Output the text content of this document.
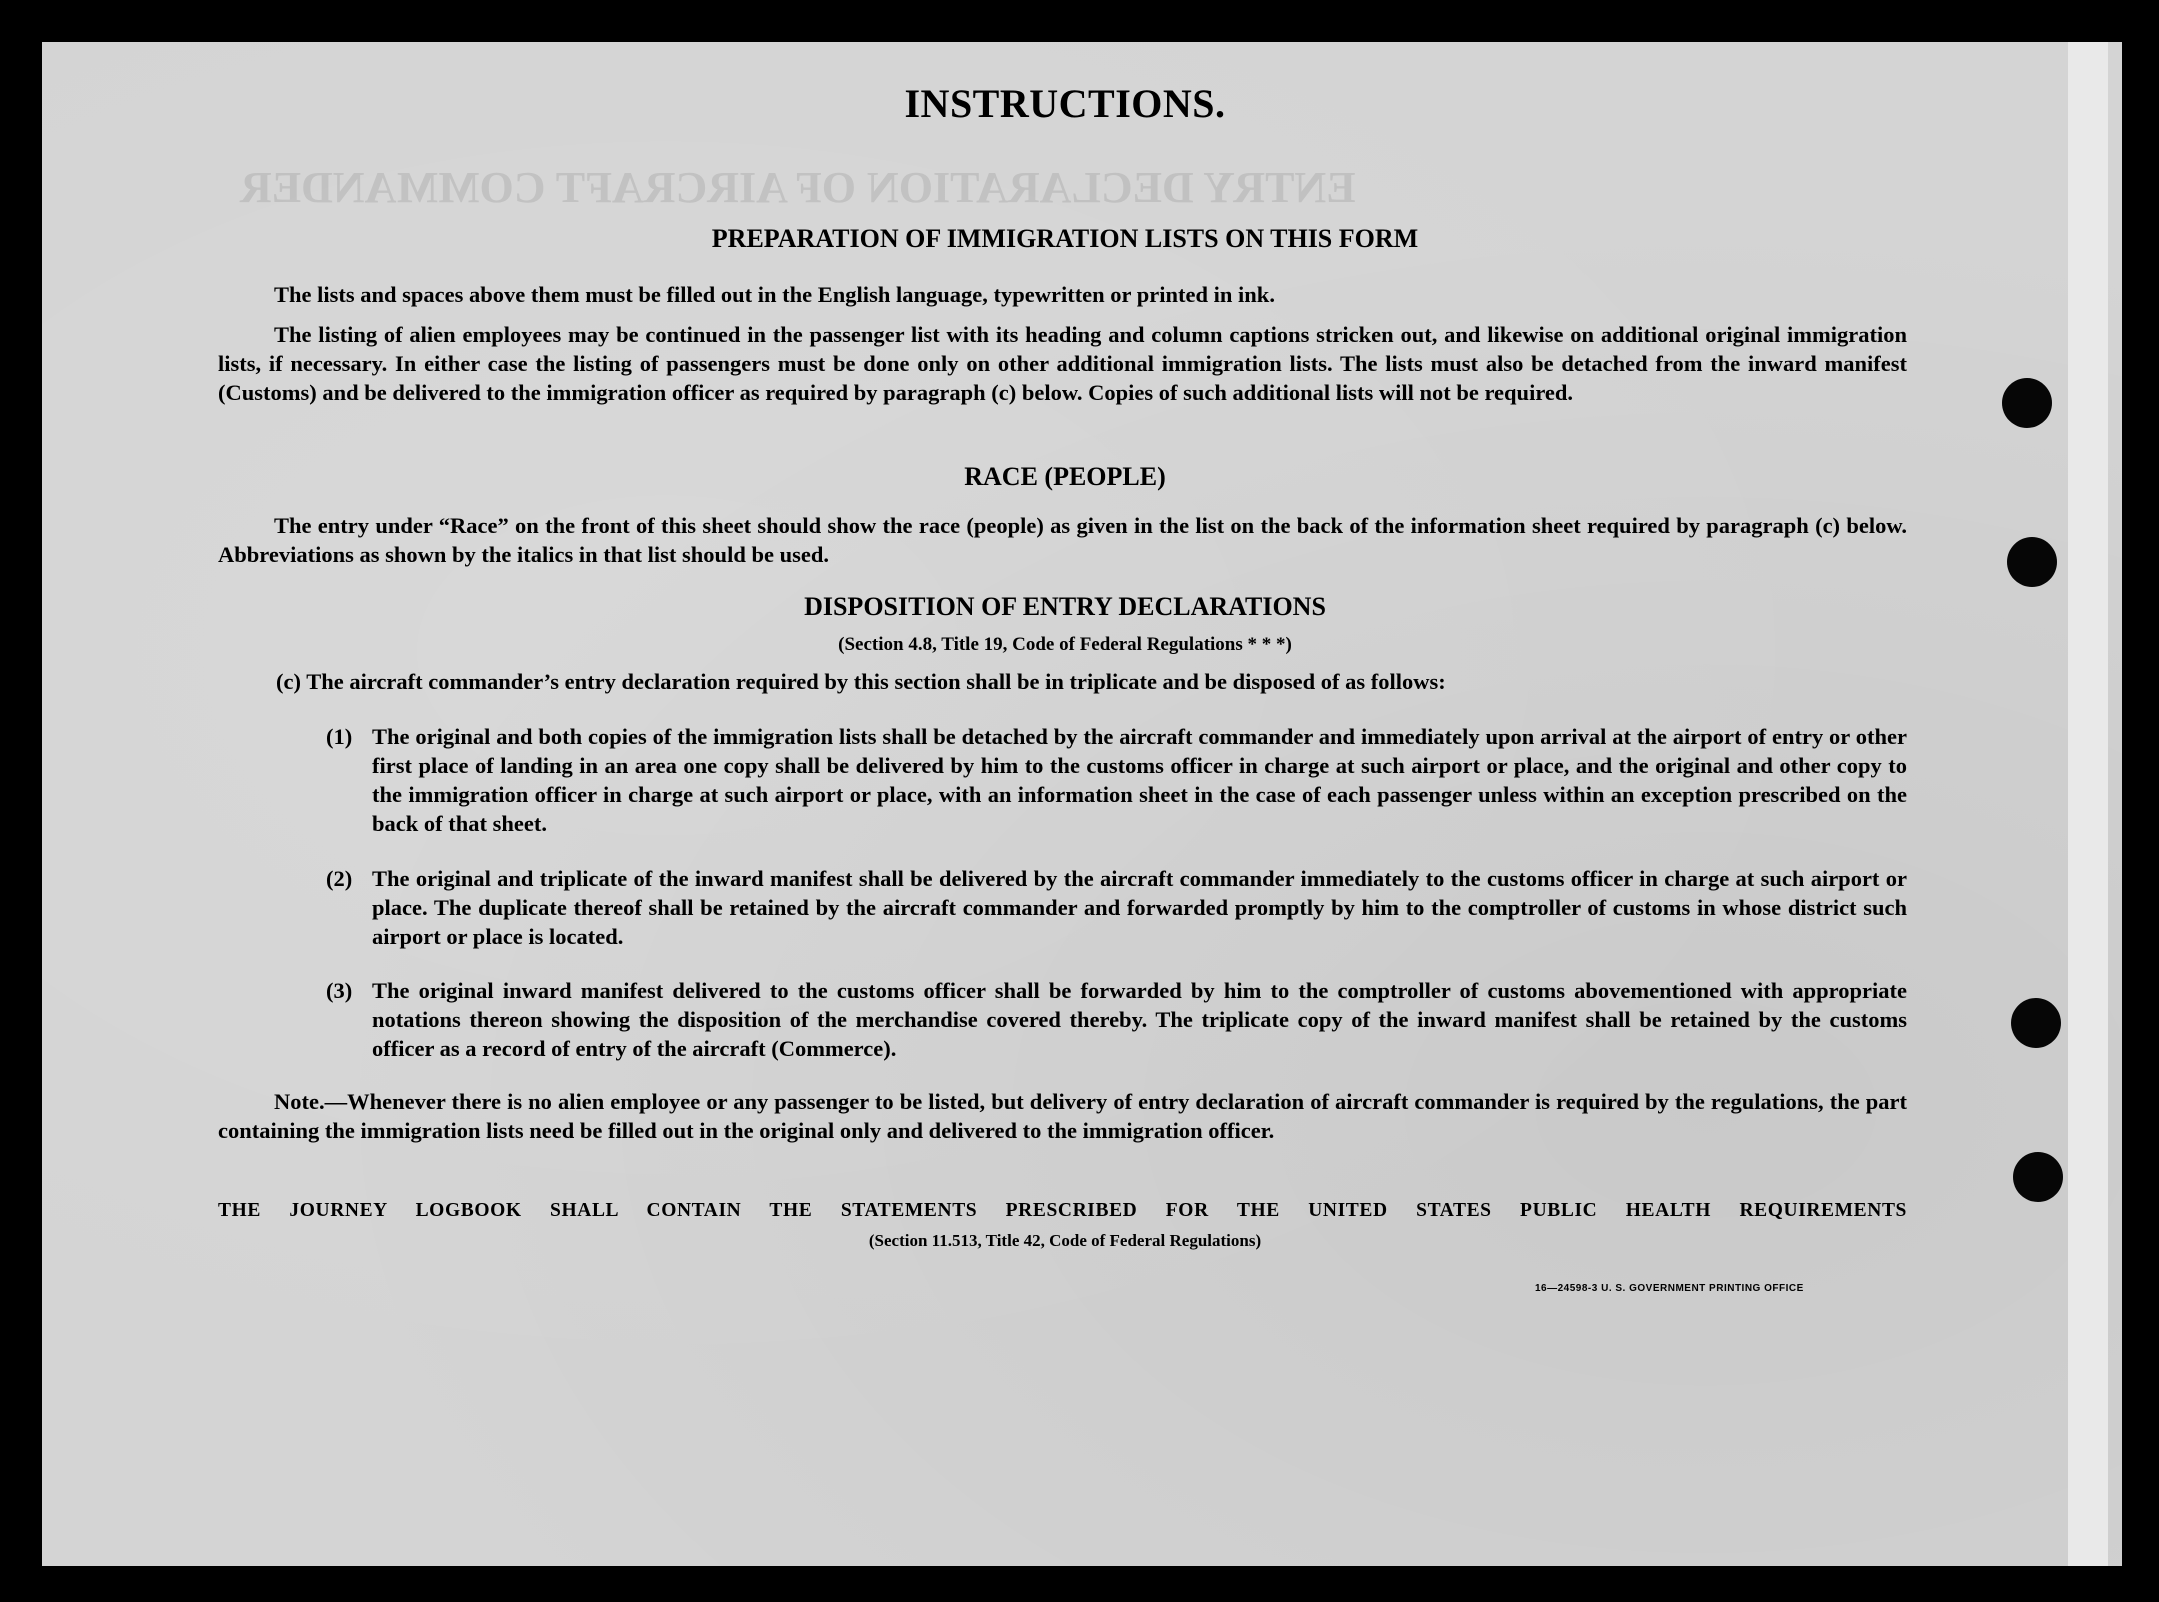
ENTRY DECLARATION OF AIRCRAFT COMMANDER
INSTRUCTIONS.
PREPARATION OF IMMIGRATION LISTS ON THIS FORM
The lists and spaces above them must be filled out in the English language, typewritten or printed in ink.
The listing of alien employees may be continued in the passenger list with its heading and column captions stricken out, and likewise on additional original immigration lists, if necessary. In either case the listing of passengers must be done only on other additional immigration lists. The lists must also be detached from the inward manifest (Customs) and be delivered to the immigration officer as required by paragraph (c) below. Copies of such additional lists will not be required.
RACE (PEOPLE)
The entry under “Race” on the front of this sheet should show the race (people) as given in the list on the back of the information sheet required by paragraph (c) below. Abbreviations as shown by the italics in that list should be used.
DISPOSITION OF ENTRY DECLARATIONS
(Section 4.8, Title 19, Code of Federal Regulations * * *)
(c) The aircraft commander’s entry declaration required by this section shall be in triplicate and be disposed of as follows:
(1) The original and both copies of the immigration lists shall be detached by the aircraft commander and immediately upon arrival at the airport of entry or other first place of landing in an area one copy shall be delivered by him to the customs officer in charge at such airport or place, and the original and other copy to the immigration officer in charge at such airport or place, with an information sheet in the case of each passenger unless within an exception prescribed on the back of that sheet.
(2) The original and triplicate of the inward manifest shall be delivered by the aircraft commander immediately to the customs officer in charge at such airport or place. The duplicate thereof shall be retained by the aircraft commander and forwarded promptly by him to the comptroller of customs in whose district such airport or place is located.
(3) The original inward manifest delivered to the customs officer shall be forwarded by him to the comptroller of customs abovementioned with appropriate notations thereon showing the disposition of the merchandise covered thereby. The triplicate copy of the inward manifest shall be retained by the customs officer as a record of entry of the aircraft (Commerce).
Note.—Whenever there is no alien employee or any passenger to be listed, but delivery of entry declaration of aircraft commander is required by the regulations, the part containing the immigration lists need be filled out in the original only and delivered to the immigration officer.
THE JOURNEY LOGBOOK SHALL CONTAIN THE STATEMENTS PRESCRIBED FOR THE UNITED STATES PUBLIC HEALTH REQUIREMENTS
(Section 11.513, Title 42, Code of Federal Regulations)
16—24598-3 U. S. GOVERNMENT PRINTING OFFICE
